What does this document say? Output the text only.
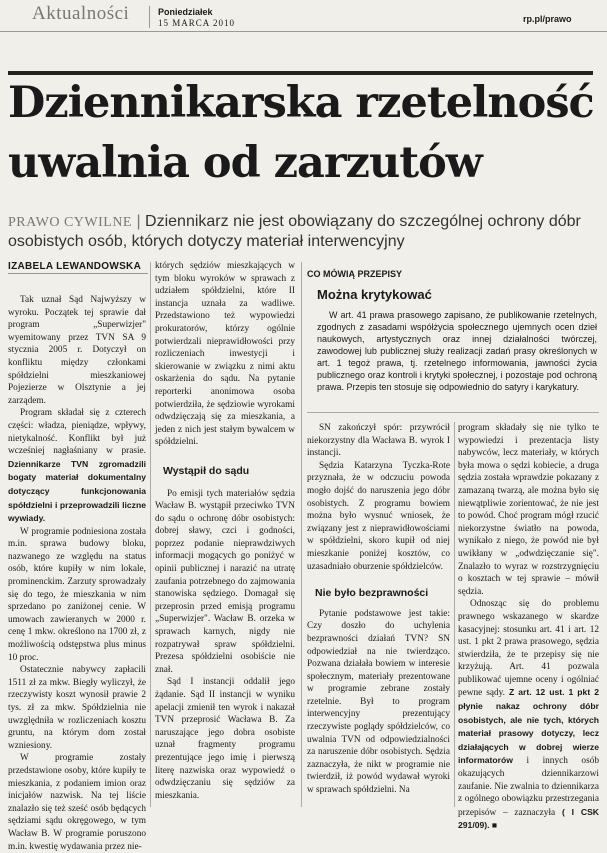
Aktualności	Poniedziałek
15 MARCA 2010	rp.pl/prawo
Dziennikarska rzetelność
uwalnia od zarzutów
PRAWO CYWILNE | Dziennikarz nie jest obowiązany do szczególnej ochrony dóbr osobistych osób, których dotyczy materiał interwencyjny
IZABELA LEWANDOWSKA

Tak uznał Sąd Najwyższy w wyroku. Początek tej sprawie dał program „Superwizjer" wyemitowany przez TVN SA 9 stycznia 2005 r. Dotyczył on konfliktu między członkami spółdzielni mieszkaniowej Pojezierze w Olsztynie a jej zarządem.

Program składał się z czterech części: władza, pieniądze, wpływy, nietykalność. Konflikt był już wcześniej nagłaśniany w prasie. Dziennikarze TVN zgromadzili bogaty materiał dokumentalny dotyczący funkcjonowania spółdzielni i przeprowadzili liczne wywiady.

W programie podniesiona została m.in. sprawa budowy bloku, nazwanego ze względu na status osób, które kupiły w nim lokale, prominenckim. Zarzuty sprowadzały się do tego, że mieszkania w nim sprzedano po zaniżonej cenie. W umowach zawieranych w 2000 r. cenę 1 mkw. określono na 1700 zł, z możliwością odstępstwa plus minus 10 proc.

Ostatecznie nabywcy zapłacili 1511 zł za mkw. Biegły wyliczył, że rzeczywisty koszt wynosił prawie 2 tys. zł za mkw. Spółdzielnia nie uwzględniła w rozliczeniach kosztu gruntu, na którym dom został wzniesiony.

W programie zostały przedstawione osoby, które kupiły te mieszkania, z podaniem imion oraz inicjałów nazwisk. Na tej liście znalazło się też sześć osób będących sędziami sądu okręgowego, w tym Wacław B. W programie poruszono m.in. kwestię wydawania przez nie-

których sędziów mieszkających w tym bloku wyroków w sprawach z udziałem spółdzielni, które II instancja uznała za wadliwe. Przedstawiono też wypowiedzi prokuratorów, którzy ogólnie potwierdzali nieprawidłowości przy rozliczeniach inwestycji i skierowanie w związku z nimi aktu oskarżenia do sądu. Na pytanie reporterki anonimowa osoba potwierdziła, że sędziowie wyrokami odwdzięczają się za mieszkania, a jeden z nich jest stałym bywalcem w spółdzielni.

Wystąpił do sądu

Po emisji tych materiałów sędzia Wacław B. wystąpił przeciwko TVN do sądu o ochronę dóbr osobistych: dobrej sławy, czci i godności, poprzez podanie nieprawdziwych informacji mogących go poniżyć w opinii publicznej i narazić na utratę zaufania potrzebnego do zajmowania stanowiska sędziego. Domagał się przeprosin przed emisją programu „Superwizjer". Wacław B. orzeka w sprawach karnych, nigdy nie rozpatrywał spraw spółdzielni. Prezesa spółdzielni osobiście nie znał.

Sąd I instancji oddalił jego żądanie. Sąd II instancji w wyniku apelacji zmienił ten wyrok i nakazał TVN przeprosić Wacława B. Za naruszające jego dobra osobiste uznał fragmenty programu prezentujące jego imię i pierwszą literę nazwiska oraz wypowiedź o odwdzięczaniu się sędziów za mieszkania.

CO MÓWIĄ PRZEPISY
Można krytykować

W art. 41 prawa prasowego zapisano, że publikowanie rzetelnych, zgodnych z zasadami współżycia społecznego ujemnych ocen dzieł naukowych, artystycznych oraz innej działalności twórczej, zawodowej lub publicznej służy realizacji zadań prasy określonych w art. 1 tegoż prawa, tj. rzetelnego informowania, jawności życia publicznego oraz kontroli i krytyki społecznej, i pozostaje pod ochroną prawa. Przepis ten stosuje się odpowiednio do satyry i karykatury.

SN zakończył spór: przywrócił niekorzystny dla Wacława B. wyrok I instancji.

Sędzia Katarzyna Tyczka-Rote przyznała, że w odczuciu powoda mogło dojść do naruszenia jego dóbr osobistych. Z programu bowiem można było wysnuć wniosek, że związany jest z nieprawidłowościami w spółdzielni, skoro kupił od niej mieszkanie poniżej kosztów, co uzasadniało oburzenie spółdzielców.

Nie było bezprawności

Pytanie podstawowe jest takie: Czy doszło do uchylenia bezprawności działań TVN? SN odpowiedział na nie twierdząco. Pozwana działała bowiem w interesie społecznym, materiały prezentowane w programie zebrane zostały rzetelnie. Był to program interwencyjny prezentujący rzeczywiste poglądy spółdzielców, co uwalnia TVN od odpowiedzialności za naruszenie dóbr osobistych. Sędzia zaznaczyła, że nikt w programie nie twierdził, iż powód wydawał wyroki w sprawach spółdzielni. Na

program składały się nie tylko te wypowiedzi i prezentacja listy nabywców, lecz materiały, w których była mowa o sędzi kobiecie, a druga sędzia została wprawdzie pokazany z zamazaną twarzą, ale można było się niewątpliwie zorientować, że nie jest to powód. Choć program mógł rzucić niekorzystne światło na powoda, wynikało z niego, że powód nie był uwikłany w „odwdzięczanie się". Znalazło to wyraz w rozstrzygnięciu o kosztach w tej sprawie – mówił sędzia.

Odnosząc się do problemu prawnego wskazanego w skardze kasacyjnej: stosunku art. 41 i art. 12 ust. 1 pkt 2 prawa prasowego, sędzia stwierdziła, że te przepisy się nie krzyżują. Art. 41 pozwala publikować ujemne oceny i ogólniać pewne sądy. Z art. 12 ust. 1 pkt 2 płynie nakaz ochrony dóbr osobistych, ale nie tych, których materiał prasowy dotyczy, lecz działających w dobrej wierze informatorów i innych osób okazujących dziennikarzowi zaufanie. Nie zwalnia to dziennikarza z ogólnego obowiązku przestrzegania przepisów – zaznaczyła ( I CSK 291/09). ■
